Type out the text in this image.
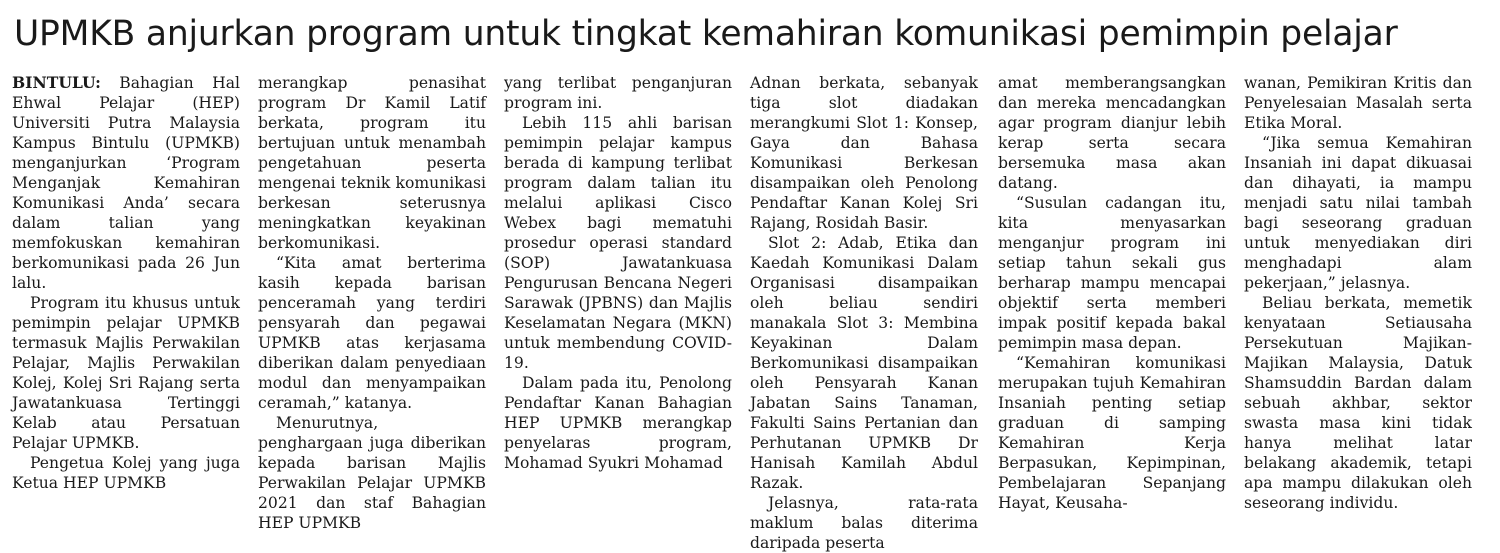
UPMKB anjurkan program untuk tingkat kemahiran komunikasi pemimpin pelajar

BINTULU: Bahagian Hal Ehwal Pelajar (HEP) Universiti Putra Malaysia Kampus Bintulu (UPMKB) menganjurkan ‘Program Menganjak Kemahiran Komunikasi Anda’ secara dalam talian yang memfokuskan kemahiran berkomunikasi pada 26 Jun lalu.

Program itu khusus untuk pemimpin pelajar UPMKB termasuk Majlis Perwakilan Pelajar, Majlis Perwakilan Kolej, Kolej Sri Rajang serta Jawatankuasa Tertinggi Kelab atau Persatuan Pelajar UPMKB.

Pengetua Kolej yang juga Ketua HEP UPMKB

merangkap penasihat program Dr Kamil Latif berkata, program itu bertujuan untuk menambah pengetahuan peserta mengenai teknik komunikasi berkesan seterusnya meningkatkan keyakinan berkomunikasi.

“Kita amat berterima kasih kepada barisan penceramah yang terdiri pensyarah dan pegawai UPMKB atas kerjasama diberikan dalam penyediaan modul dan menyampaikan ceramah,” katanya.

Menurutnya, penghargaan juga diberikan kepada barisan Majlis Perwakilan Pelajar UPMKB 2021 dan staf Bahagian HEP UPMKB

yang terlibat penganjuran program ini.

Lebih 115 ahli barisan pemimpin pelajar kampus berada di kampung terlibat program dalam talian itu melalui aplikasi Cisco Webex bagi mematuhi prosedur operasi standard (SOP) Jawatankuasa Pengurusan Bencana Negeri Sarawak (JPBNS) dan Majlis Keselamatan Negara (MKN) untuk membendung COVID-19.

Dalam pada itu, Penolong Pendaftar Kanan Bahagian HEP UPMKB merangkap penyelaras program, Mohamad Syukri Mohamad

Adnan berkata, sebanyak tiga slot diadakan merangkumi Slot 1: Konsep, Gaya dan Bahasa Komunikasi Berkesan disampaikan oleh Penolong Pendaftar Kanan Kolej Sri Rajang, Rosidah Basir.

Slot 2: Adab, Etika dan Kaedah Komunikasi Dalam Organisasi disampaikan oleh beliau sendiri manakala Slot 3: Membina Keyakinan Dalam Berkomunikasi disampaikan oleh Pensyarah Kanan Jabatan Sains Tanaman, Fakulti Sains Pertanian dan Perhutanan UPMKB Dr Hanisah Kamilah Abdul Razak.

Jelasnya, rata-rata maklum balas diterima daripada peserta

amat memberangsangkan dan mereka mencadangkan agar program dianjur lebih kerap serta secara bersemuka masa akan datang.

“Susulan cadangan itu, kita menyasarkan menganjur program ini setiap tahun sekali gus berharap mampu mencapai objektif serta memberi impak positif kepada bakal pemimpin masa depan.

“Kemahiran komunikasi merupakan tujuh Kemahiran Insaniah penting setiap graduan di samping Kemahiran Kerja Berpasukan, Kepimpinan, Pembelajaran Sepanjang Hayat, Keusaha-

wanan, Pemikiran Kritis dan Penyelesaian Masalah serta Etika Moral.

“Jika semua Kemahiran Insaniah ini dapat dikuasai dan dihayati, ia mampu menjadi satu nilai tambah bagi seseorang graduan untuk menyediakan diri menghadapi alam pekerjaan,” jelasnya.

Beliau berkata, memetik kenyataan Setiausaha Persekutuan Majikan-Majikan Malaysia, Datuk Shamsuddin Bardan dalam sebuah akhbar, sektor swasta masa kini tidak hanya melihat latar belakang akademik, tetapi apa mampu dilakukan oleh seseorang individu.
